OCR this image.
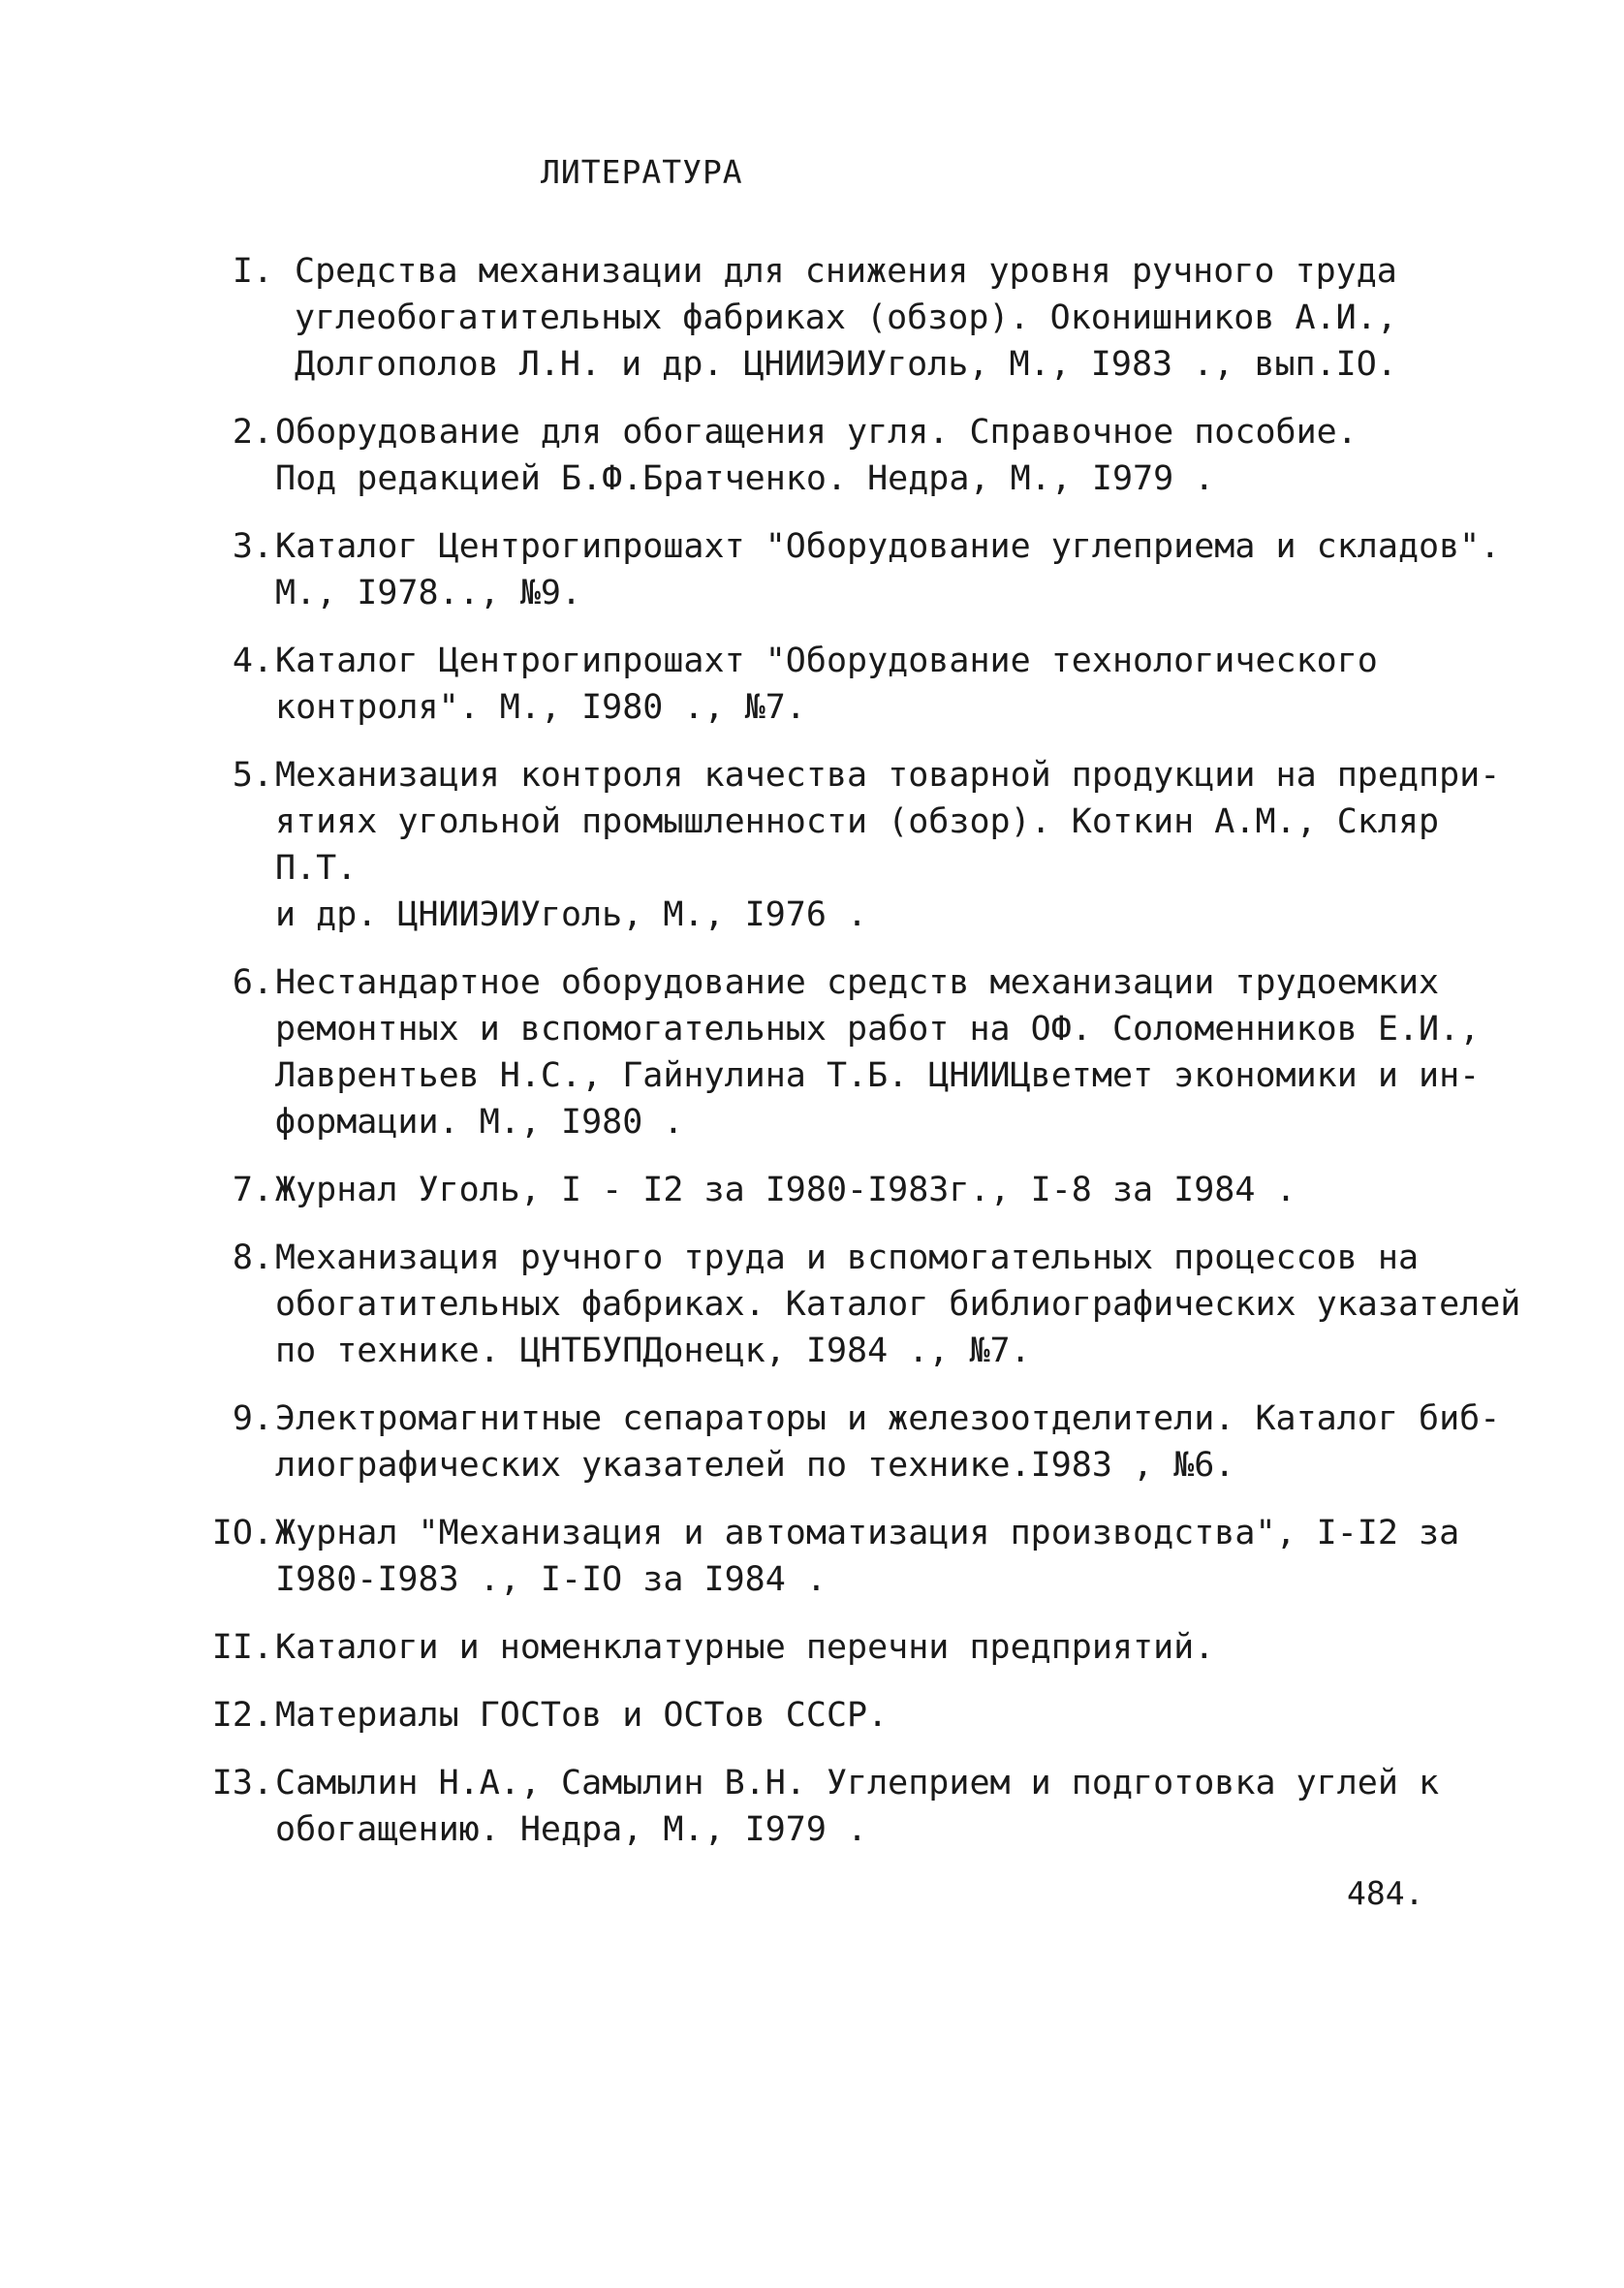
ЛИТЕРАТУРА
I. Средства механизации для снижения уровня ручного труда
углеобогатительных фабриках (обзор). Оконишников А.И.,
Долгополов Л.Н. и др. ЦНИИЭИУголь, М., I983 ., вып.IO.
2. Оборудование для обогащения угля. Справочное пособие.
Под редакцией Б.Ф.Братченко. Недра, М., I979 .
3. Каталог Центрогипрошахт "Оборудование углеприема и складов".
М., I978.., №9.
4. Каталог Центрогипрошахт "Оборудование технологического
контроля". М., I980 ., №7.
5. Механизация контроля качества товарной продукции на предпри-
ятиях угольной промышленности (обзор). Коткин А.М., Скляр П.Т.
и др. ЦНИИЭИУголь, М., I976 .
6. Нестандартное оборудование средств механизации трудоемких
ремонтных и вспомогательных работ на ОФ. Соломенников Е.И.,
Лаврентьев Н.С., Гайнулина Т.Б. ЦНИИЦветмет экономики и ин-
формации. М., I980 .
7. Журнал Уголь, I - I2 за I980-I983г., I-8 за I984 .
8. Механизация ручного труда и вспомогательных процессов на
обогатительных фабриках. Каталог библиографических указателей
по технике. ЦНТБУПДонецк, I984 ., №7.
9. Электромагнитные сепараторы и железоотделители. Каталог биб-
лиографических указателей по технике.I983 , №6.
IO. Журнал "Механизация и автоматизация производства", I-I2 за
I980-I983 ., I-IO за I984 .
II. Каталоги и номенклатурные перечни предприятий.
I2. Материалы ГОСТов и ОСТов СССР.
I3. Самылин Н.А., Самылин В.Н. Углеприем и подготовка углей к
обогащению. Недра, М., I979 .
484.
